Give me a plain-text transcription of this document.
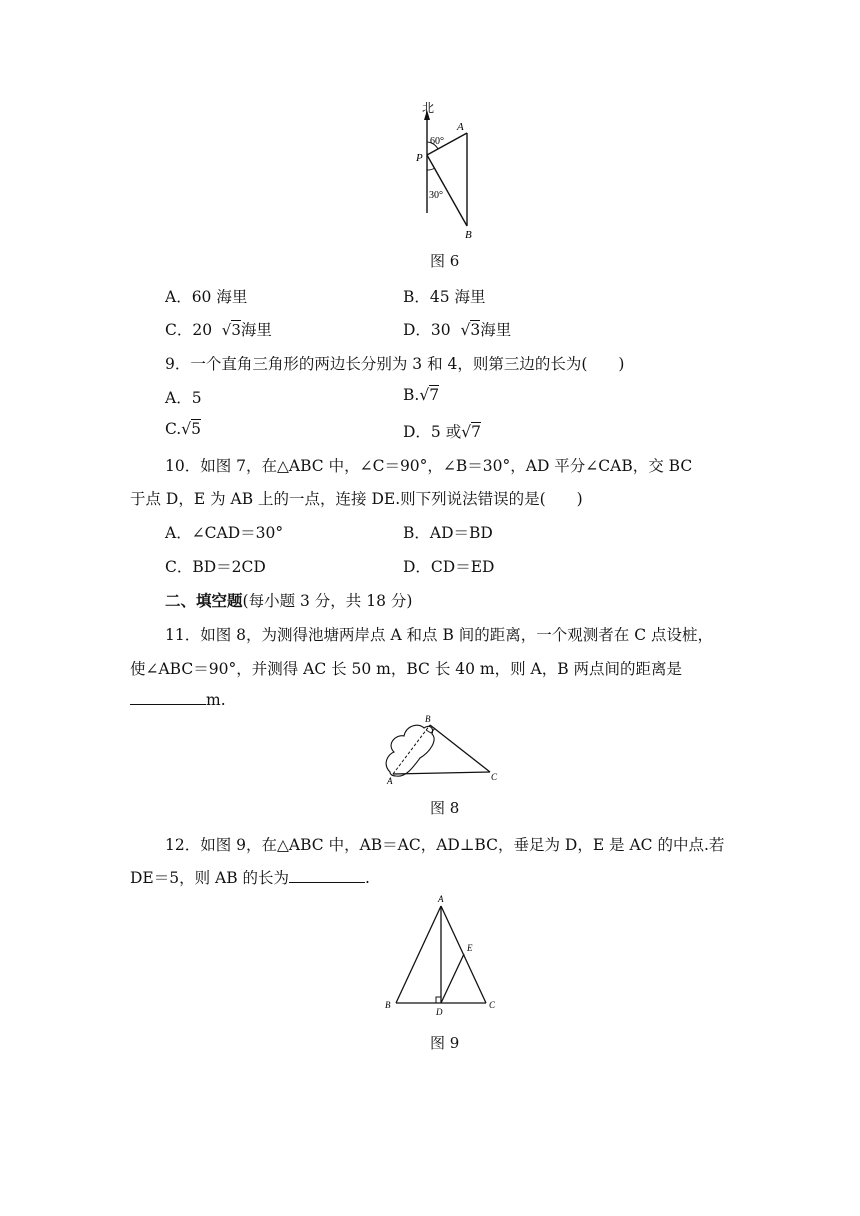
北
60°
30°
A
P
B
图 6
A．60 海里	B．45 海里
C．20  √3海里	D．30  √3海里
9．一个直角三角形的两边长分别为 3 和 4，则第三边的长为(　　)
A．5	B.√7
C.√5	D．5 或√7
10．如图 7，在△ABC 中，∠C＝90°，∠B＝30°，AD 平分∠CAB，交 BC
于点 D，E 为 AB 上的一点，连接 DE.则下列说法错误的是(　　)
A．∠CAD＝30°	B．AD＝BD
C．BD＝2CD	D．CD＝ED
二、填空题(每小题 3 分，共 18 分)
11．如图 8，为测得池塘两岸点 A 和点 B 间的距离，一个观测者在 C 点设桩，
使∠ABC＝90°，并测得 AC 长 50 m，BC 长 40 m，则 A，B 两点间的距离是
m.
A
B
C
图 8
12．如图 9，在△ABC 中，AB＝AC，AD⊥BC，垂足为 D，E 是 AC 的中点.若
DE＝5，则 AB 的长为	.
A
B	C
D
E
图 9
